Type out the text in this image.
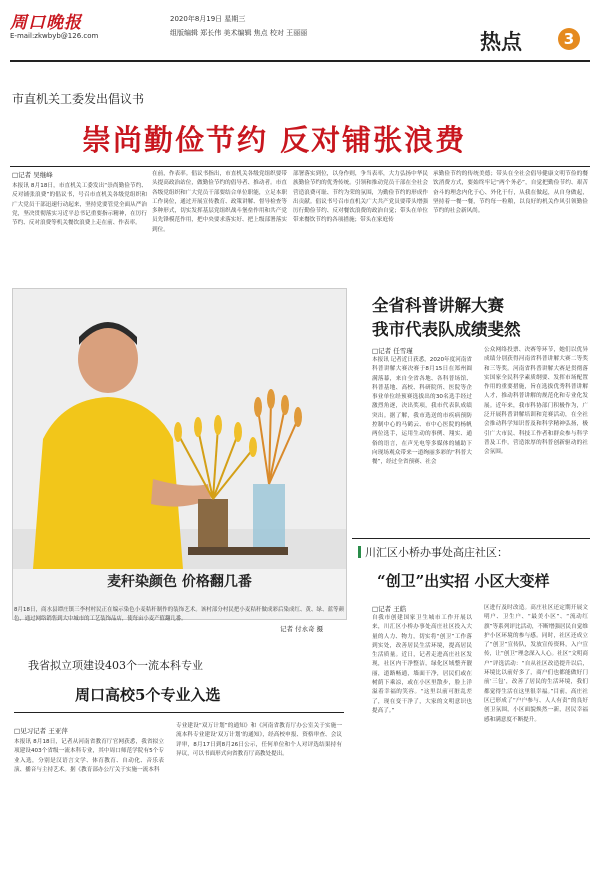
周口晚报
E-mail:zkwbyb@126.com
2020年8月19日 星期三
组版编辑 郑长伟 美术编辑 焦点 校对 王丽丽	热点	3
市直机关工委发出倡议书
崇尚勤俭节约 反对铺张浪费
□记者 吴继峰
本报讯 8月18日，市直机关工委发出“崇尚勤俭节约、反对铺张浪费”的倡议书，号召市直机关各级党组织和广大党员干部迅速行动起来，坚持党要管党全面从严治党，坚决贯彻落实习近平总书记重要指示精神，在厉行节约、反对浪费等机关餐饮浪费上走在前、作表率。
在前，作表率。倡议书指出，市直机关各级党组织要带头提高政治站位，做勤俭节约的倡导者、推动者。市直各级党组织和广大党员干部要结合单位职能，立足本职工作岗位，通过开展宣传教育、政策讲解、督导检查等多种形式，切实发挥基层党组织战斗堡垒作用和共产党员先锋模范作用，把中央要求落实好、把上级部署落实到位。
部署落实到位，以身作则，争当表率，大力弘扬中华民族勤俭节约的优秀传统。引领和推动党员干部在全社会营造浪费可耻、节约为荣的氛围，为勤俭节约的形成作出贡献。倡议书号召市直机关广大共产党员要带头增强厉行勤俭节约、反对餐饮浪费的政治自觉；带头在单位带来餐饮节约的各项措施；带头在家庭传
承勤俭节约的传统美德；带头在全社会倡导健康文明节俭的餐饮消费方式，要始终牢记“两个务必”，自觉把勤俭节约、艰苦奋斗的理念内化于心、外化于行，从我在做起，从自身做起，坚持着一餐一餐，节约每一粒粮，以良好的机关作风引领勤俭节约的社会新风尚。
麦秆染颜色 价格翻几番
8月18日，商水县谭庄镇三李村村民正在编示染色小麦秸秆制作的装饰艺术。该村部分村民把小麦秸秆做成彩后染成红、黄、绿、蓝等颜色，通过网络销售到大中城市的工艺装饰品店，使每亩小麦产值翻几番。
记者 付永奇 摄
全省科普讲解大赛
我市代表队成绩斐然
□记者 任雪瑾
本报讯 记者近日获悉，2020年度河南省科普讲解大赛决赛于8月15日在郑州圆满落幕，来自全省各地、各科普场馆、科普基地、高校、科研院所、医院等企事业单位经预赛选拔出的30名选手经过激烈角逐，决出奖项，我市代表队成绩突出。据了解，我市选送的市疾病预防控制中心的马鹤云、市中心医院的杨帆两位选手，运用生动的事例、翔实、通俗的语言，在声光电等多媒体的辅助下向现场观众带来一道绚丽多彩的“科普大餐”，经过全省预赛、社会
公众网络投票、决赛等环节，她们以优异成绩分别获得河南省科普讲解大赛二等奖和三等奖。河南省科普讲解大赛是贯彻落实国家全民科学素质纲要、发挥市场配置作用的重要措施，旨在选拔优秀科普讲解人才，推动科普讲解的规范化和专业化发展。近年来，我市科协部门积极作为，广泛开展科普讲解培训和竞赛活动，在全社会推动科学知识普及和科学精神弘扬，极引广大市民、科技工作者和群众参与科学普及工作，营造浓厚的科普创新驱动的社会氛围。
川汇区小桥办事处高庄社区：
“创卫”出实招 小区大变样
□记者 王皓
自我市创建国家卫生城市工作开展以来，川汇区小桥办事处高庄社区投入大量的人力、物力，切实将“创卫”工作落到实处，改善居民生活环境，提高居民生活质量。近日，记者走进高庄社区发现，社区内干净整洁，绿化区域整齐靓丽，道路畅通，墙面干净，居民们或在树荫下乘凉，或在小区里散步，脸上洋溢着幸福的笑容。“这里以前可脏乱差了，现在变干净了，大家的文明意识也提高了。”
区进行及时改造。高庄社区还定期开展文明户、卫生户、“最美小区”、“流动红旗”等系列评比活动，不断增强居民自觉维护小区环境的参与感。同时，社区还成立了“创卫”宣传队，发放宣传资料，入户宣传，让“创卫”理念深入人心。社区“文明商户”评选活动：“自从社区改造提升以后，环境比以前好多了，商户们也都能做好门前‘三包’，改善了居民的生活环境，我们都觉得生活在这里很幸福。”目前，高庄社区已形成了“户户参与、人人有责”的良好创卫氛围，小区面貌焕然一新，居民幸福感和满意度不断提升。
我省拟立项建设403个一流本科专业
周口高校5个专业入选
□见习记者 王亚萍
本报讯 8月18日，记者从河南省教育厅官网获悉，我省拟立项建设403个省级一流本科专业，其中周口师范学院有5个专业入选，分别是汉语言文学、体育教育、自动化、音乐表演、播音与主持艺术。据《教育部办公厅关于实施一流本科
专业建设“双万计划”的通知》和《河南省教育厅办公室关于实施一流本科专业建设‘双万计划’的通知》，经高校申报、资格审查、会议评审，8月17日到8月26日公示，任何单位和个人对评选结果持有异议，可以书面形式向省教育厅高教处提出。
